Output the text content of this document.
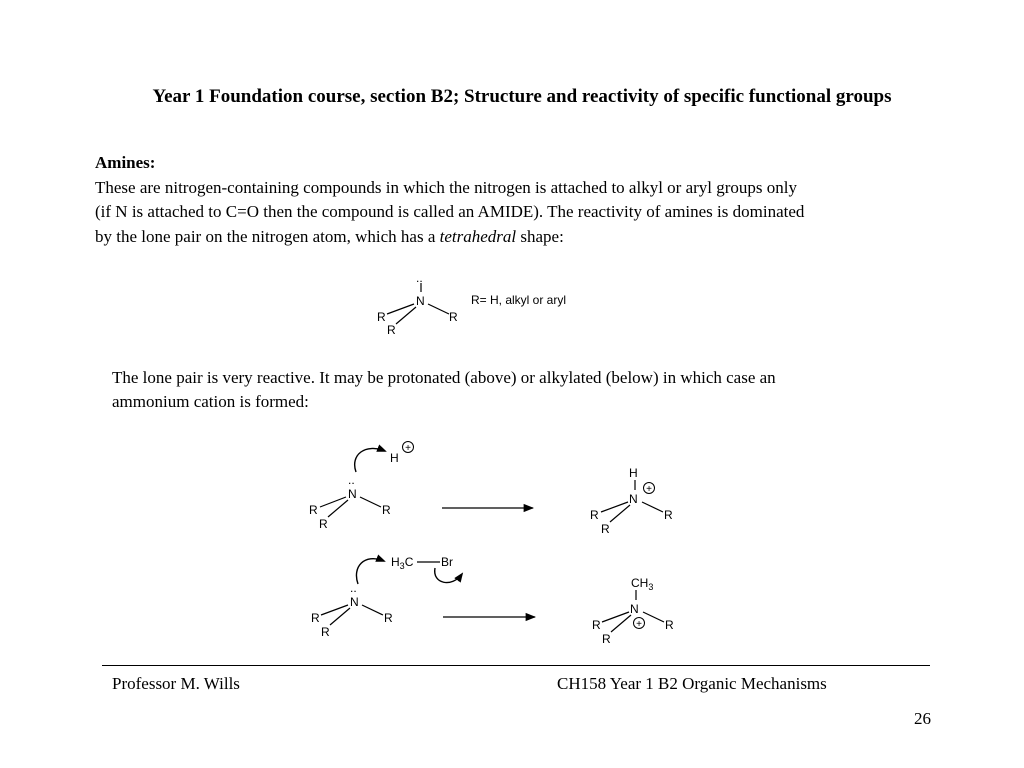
Year 1 Foundation course, section B2; Structure and reactivity of specific functional groups
Amines:
These are nitrogen-containing compounds in which the nitrogen is attached to alkyl or aryl groups only
(if N is attached to C=O then the compound is called an AMIDE). The reactivity of amines is dominated
by the lone pair on the nitrogen atom, which has a tetrahedral shape:
..
N
R	R
R
R= H, alkyl or aryl
The lone pair is very reactive. It may be protonated (above) or alkylated (below) in which case an
ammonium cation is formed:
..
N
R	R
R
H
+
H
N
R	R
R
+
..
N
R	R
R
$H_3C$ Br
$CH_3$
N
R	R
R
+
Professor M. Wills	CH158 Year 1 B2 Organic Mechanisms
26
